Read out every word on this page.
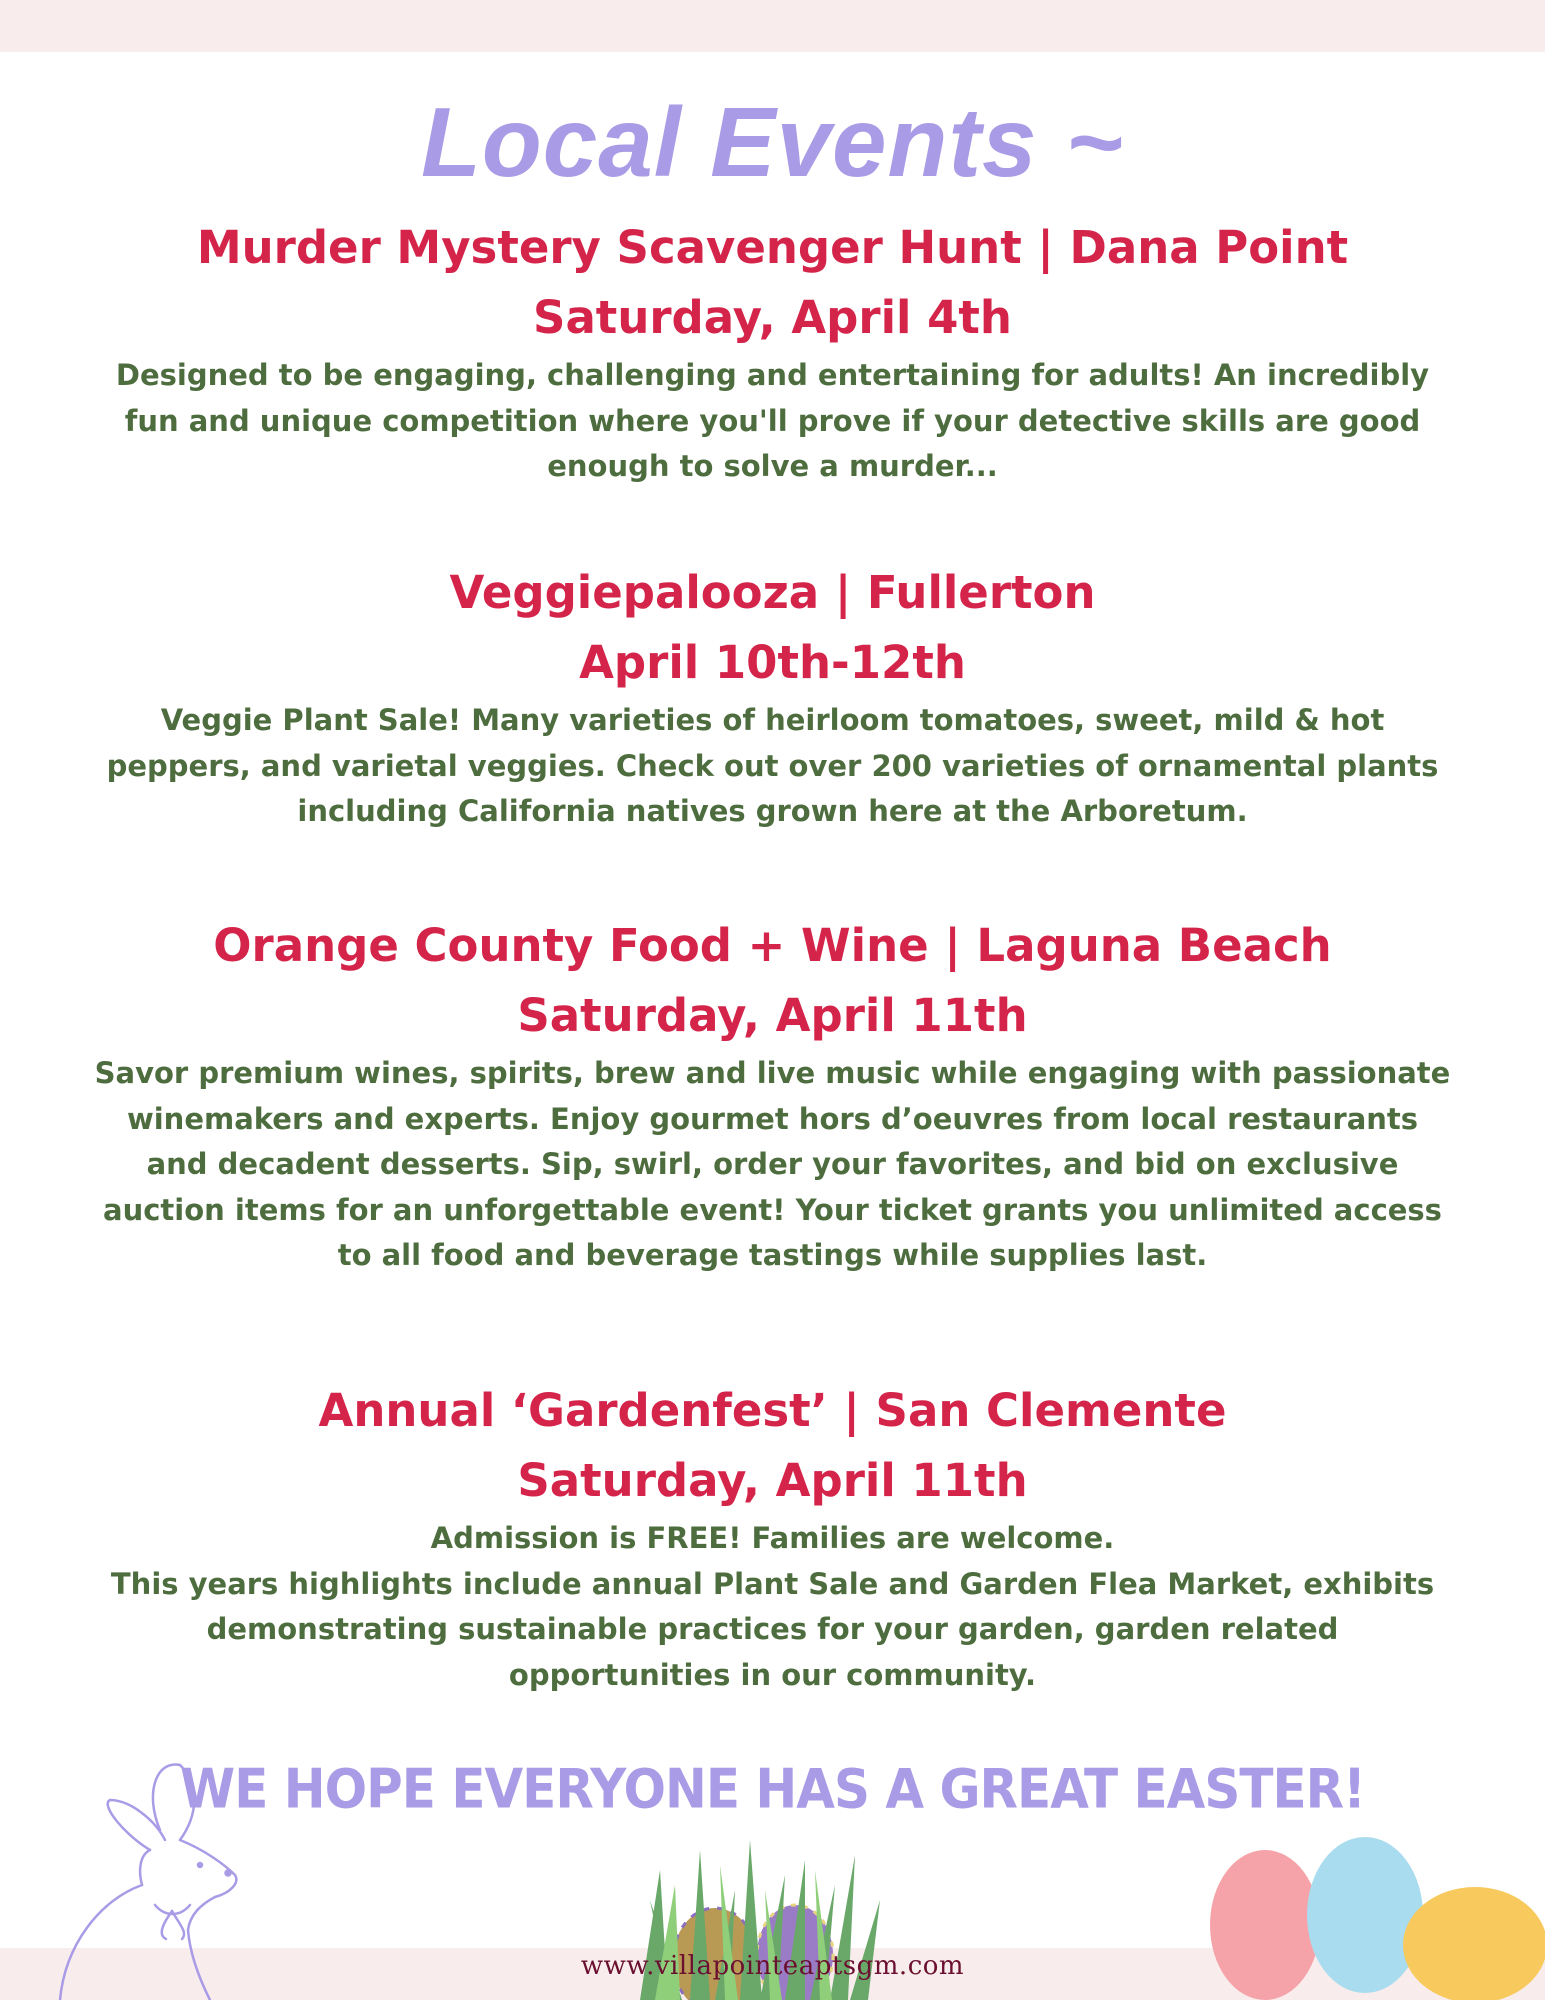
Local Events ~

Murder Mystery Scavenger Hunt | Dana Point

Saturday, April 4th

Designed to be engaging, challenging and entertaining for adults! An incredibly
fun and unique competition where you'll prove if your detective skills are good
enough to solve a murder...

Veggiepalooza | Fullerton

April 10th-12th

Veggie Plant Sale! Many varieties of heirloom tomatoes, sweet, mild & hot
peppers, and varietal veggies. Check out over 200 varieties of ornamental plants
including California natives grown here at the Arboretum.

Orange County Food + Wine | Laguna Beach

Saturday, April 11th

Savor premium wines, spirits, brew and live music while engaging with passionate
winemakers and experts. Enjoy gourmet hors d’oeuvres from local restaurants
and decadent desserts. Sip, swirl, order your favorites, and bid on exclusive
auction items for an unforgettable event! Your ticket grants you unlimited access
to all food and beverage tastings while supplies last.

Annual ‘Gardenfest’ | San Clemente

Saturday, April 11th

Admission is FREE! Families are welcome.
This years highlights include annual Plant Sale and Garden Flea Market, exhibits
demonstrating sustainable practices for your garden, garden related
opportunities in our community.

WE HOPE EVERYONE HAS A GREAT EASTER!
www.villapointeaptsgm.com
